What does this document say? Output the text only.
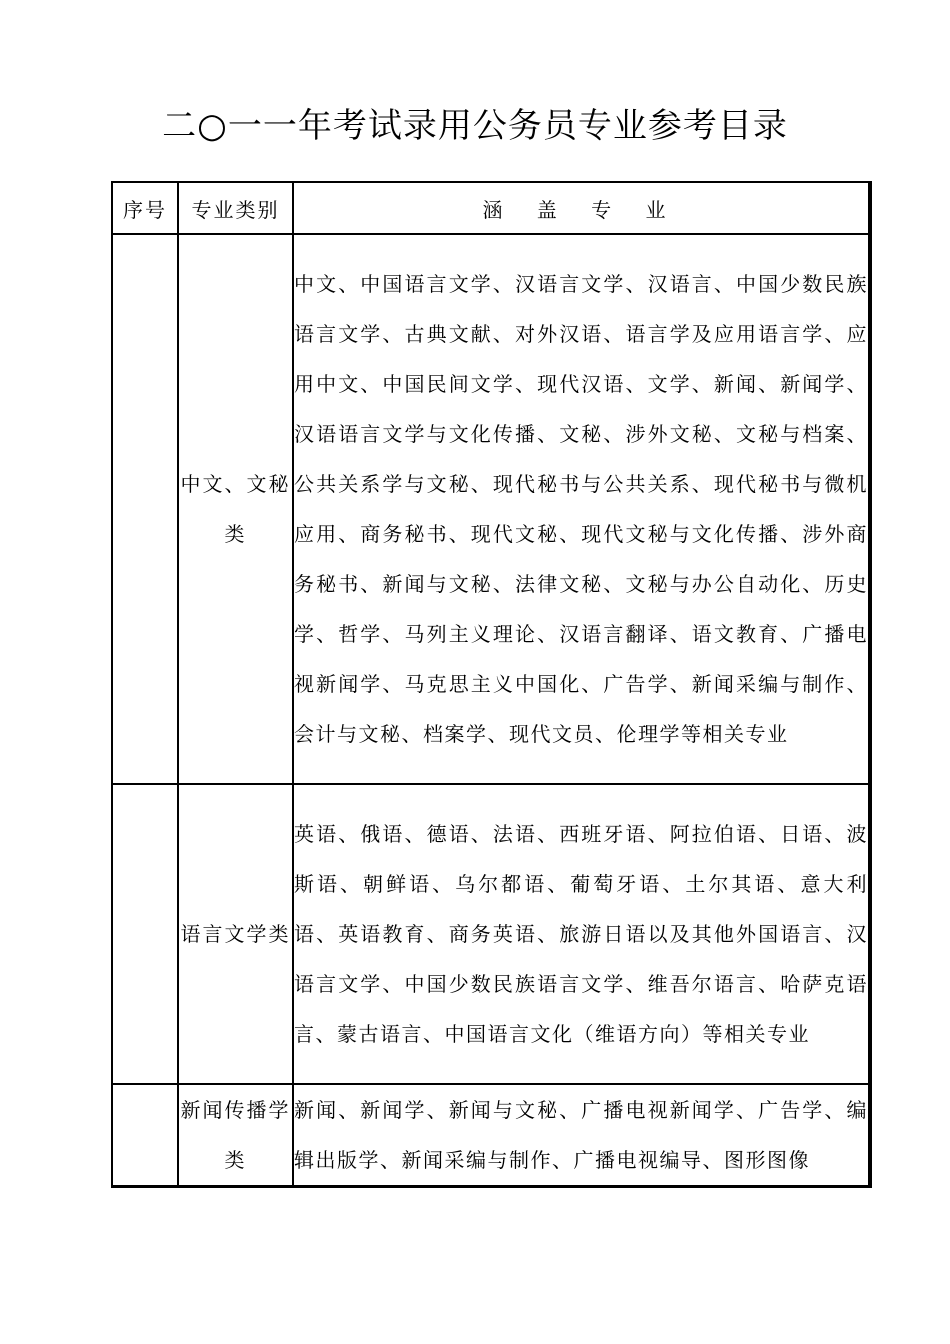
二○一一年考试录用公务员专业参考目录
序号	专业类别	涵 盖 专 业
	中文、文秘类	中文、中国语言文学、汉语言文学、汉语言、中国少数民族语言文学、古典文献、对外汉语、语言学及应用语言学、应用中文、中国民间文学、现代汉语、文学、新闻、新闻学、汉语语言文学与文化传播、文秘、涉外文秘、文秘与档案、公共关系学与文秘、现代秘书与公共关系、现代秘书与微机应用、商务秘书、现代文秘、现代文秘与文化传播、涉外商务秘书、新闻与文秘、法律文秘、文秘与办公自动化、历史学、哲学、马列主义理论、汉语言翻译、语文教育、广播电视新闻学、马克思主义中国化、广告学、新闻采编与制作、会计与文秘、档案学、现代文员、伦理学等相关专业
	语言文学类	英语、俄语、德语、法语、西班牙语、阿拉伯语、日语、波斯语、朝鲜语、乌尔都语、葡萄牙语、土尔其语、意大利语、英语教育、商务英语、旅游日语以及其他外国语言、汉语言文学、中国少数民族语言文学、维吾尔语言、哈萨克语言、蒙古语言、中国语言文化（维语方向）等相关专业
	新闻传播学类	新闻、新闻学、新闻与文秘、广播电视新闻学、广告学、编辑出版学、新闻采编与制作、广播电视编导、图形图像
